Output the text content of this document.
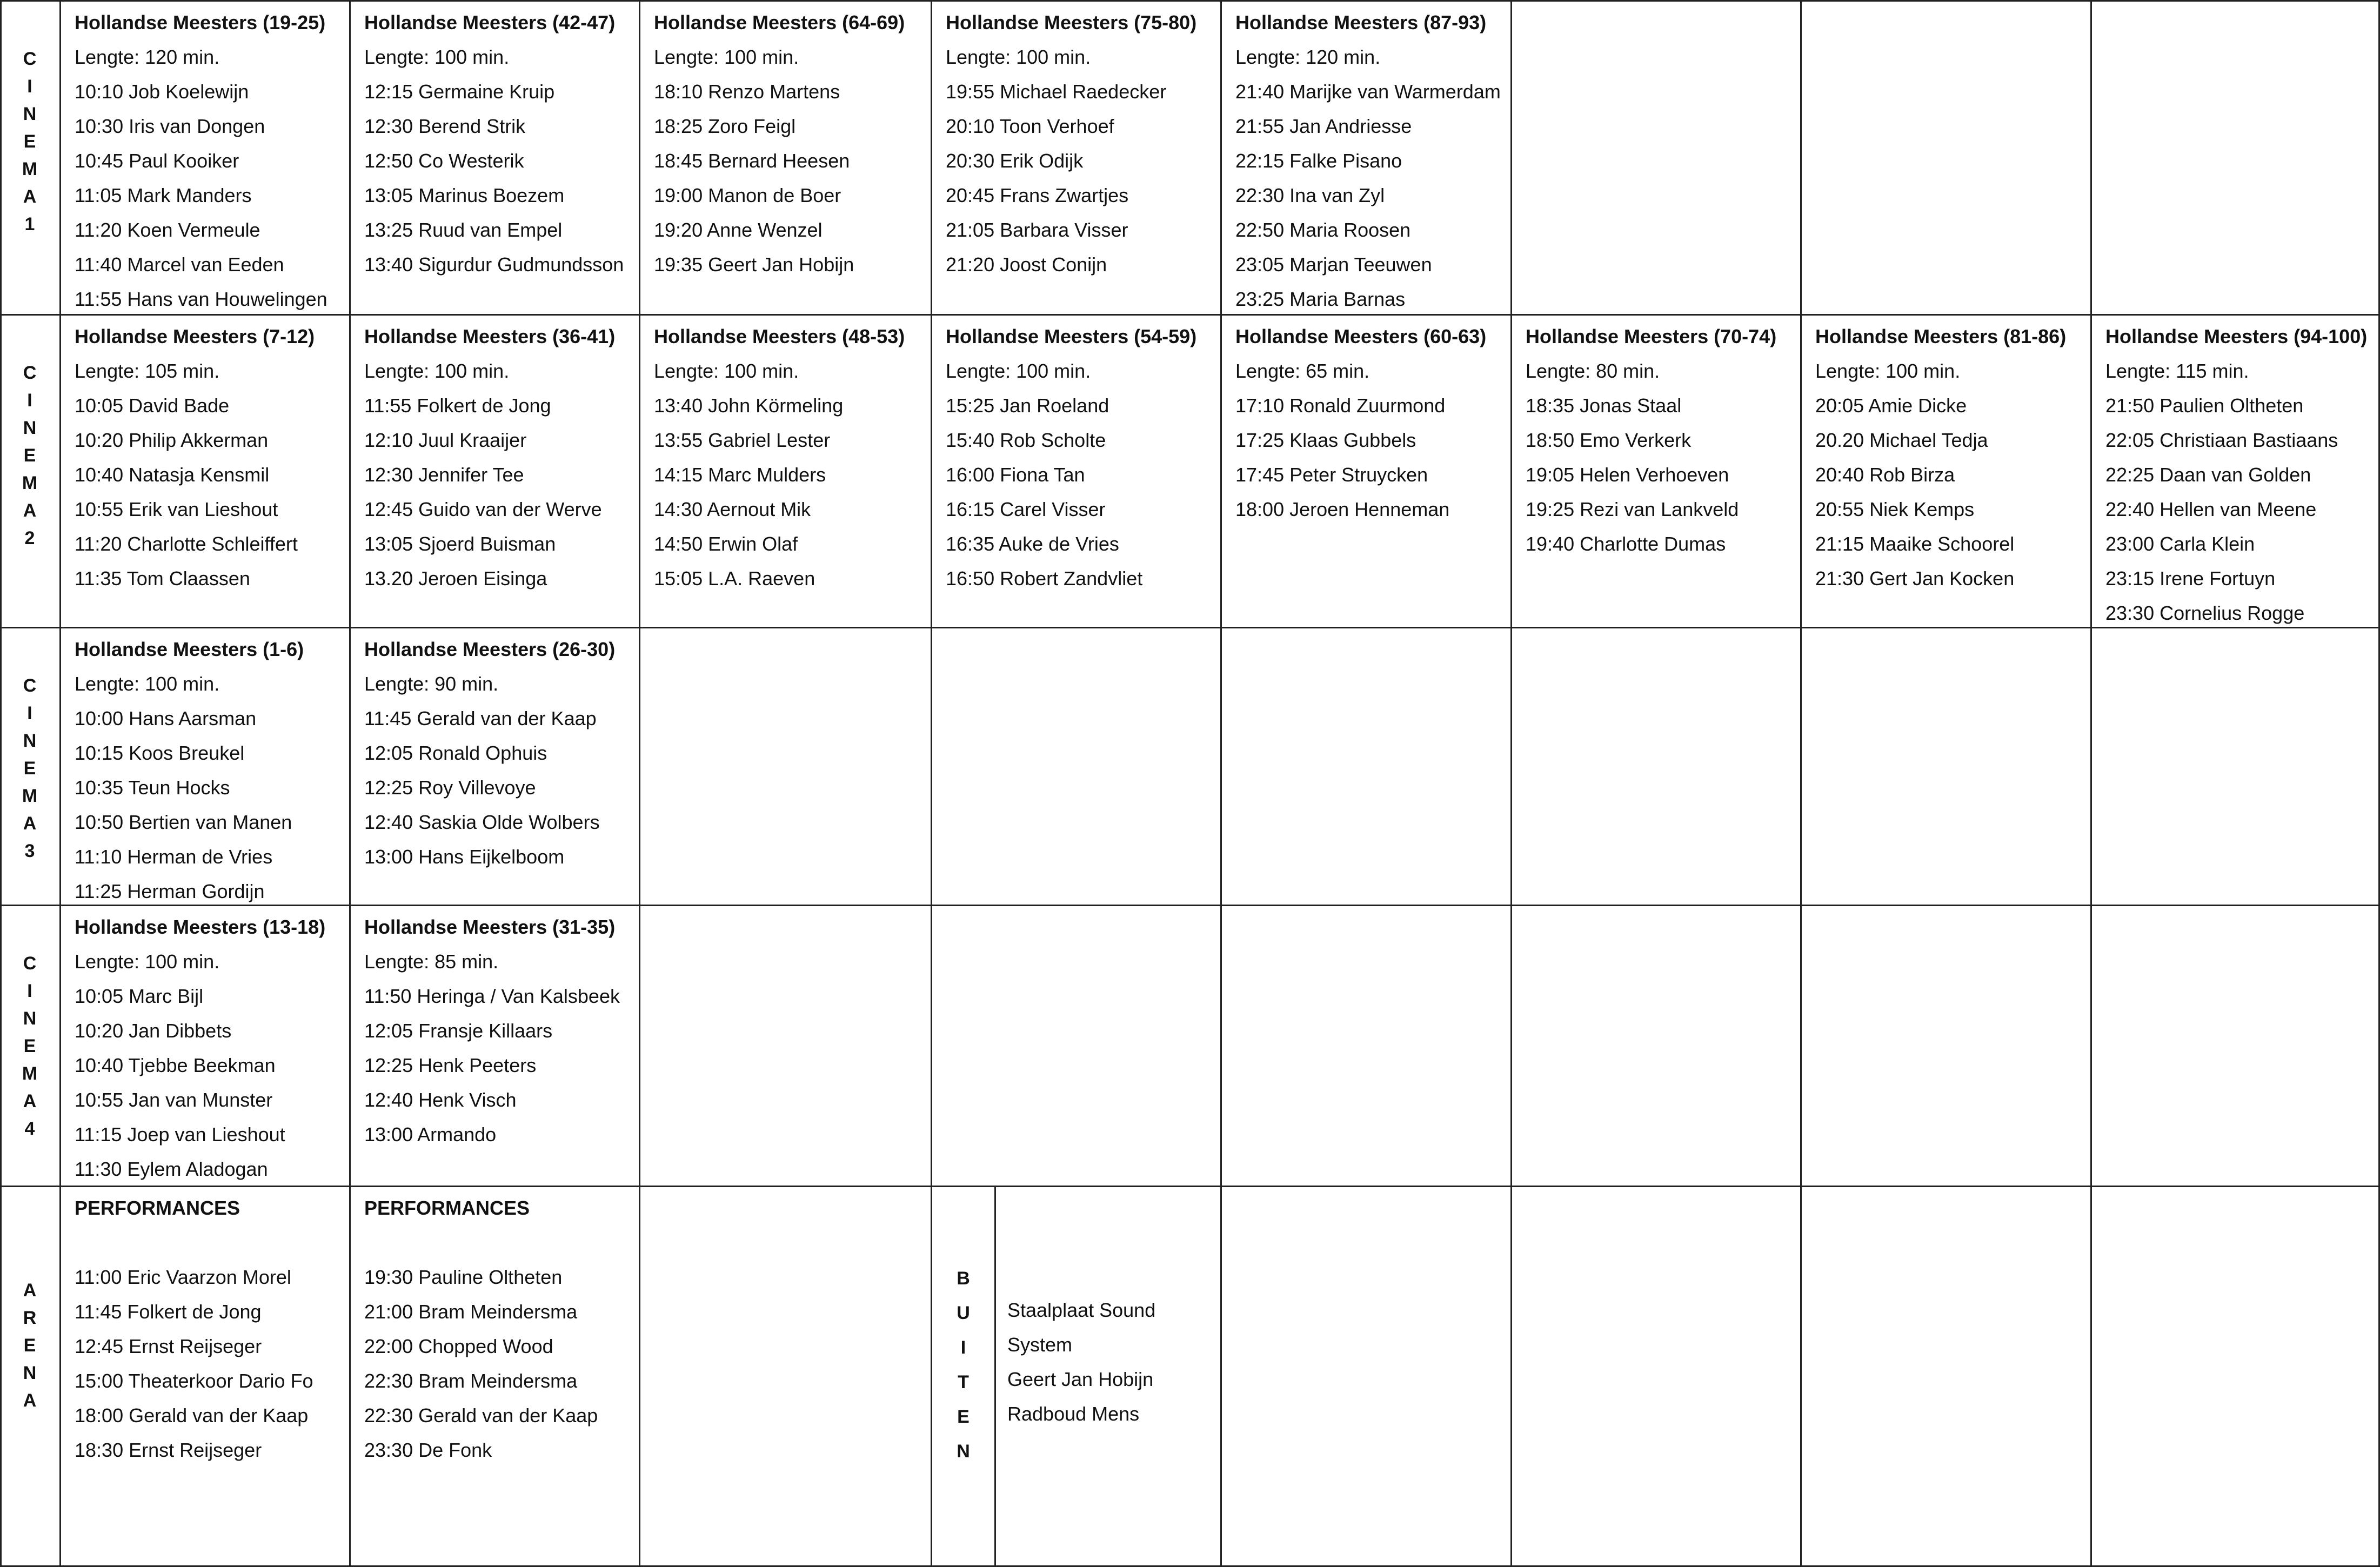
C
I
N
E
M
A
1
Hollandse Meesters (19-25)
Lengte: 120 min.
10:10 Job Koelewijn
10:30 Iris van Dongen
10:45 Paul Kooiker
11:05 Mark Manders
11:20 Koen Vermeule
11:40 Marcel van Eeden
11:55 Hans van Houwelingen
Hollandse Meesters (42-47)
Lengte: 100 min.
12:15 Germaine Kruip
12:30 Berend Strik
12:50 Co Westerik
13:05 Marinus Boezem
13:25 Ruud van Empel
13:40 Sigurdur Gudmundsson
Hollandse Meesters (64-69)
Lengte: 100 min.
18:10 Renzo Martens
18:25 Zoro Feigl
18:45 Bernard Heesen
19:00 Manon de Boer
19:20 Anne Wenzel
19:35 Geert Jan Hobijn
Hollandse Meesters (75-80)
Lengte: 100 min.
19:55 Michael Raedecker
20:10 Toon Verhoef
20:30 Erik Odijk
20:45 Frans Zwartjes
21:05 Barbara Visser
21:20 Joost Conijn
Hollandse Meesters (87-93)
Lengte: 120 min.
21:40 Marijke van Warmerdam
21:55 Jan Andriesse
22:15 Falke Pisano
22:30 Ina van Zyl
22:50 Maria Roosen
23:05 Marjan Teeuwen
23:25 Maria Barnas
C
I
N
E
M
A
2
Hollandse Meesters (7-12)
Lengte: 105 min.
10:05 David Bade
10:20 Philip Akkerman
10:40 Natasja Kensmil
10:55 Erik van Lieshout
11:20 Charlotte Schleiffert
11:35 Tom Claassen
Hollandse Meesters (36-41)
Lengte: 100 min.
11:55 Folkert de Jong
12:10 Juul Kraaijer
12:30 Jennifer Tee
12:45 Guido van der Werve
13:05 Sjoerd Buisman
13.20 Jeroen Eisinga
Hollandse Meesters (48-53)
Lengte: 100 min.
13:40 John Körmeling
13:55 Gabriel Lester
14:15 Marc Mulders
14:30 Aernout Mik
14:50 Erwin Olaf
15:05 L.A. Raeven
Hollandse Meesters (54-59)
Lengte: 100 min.
15:25 Jan Roeland
15:40 Rob Scholte
16:00 Fiona Tan
16:15 Carel Visser
16:35 Auke de Vries
16:50 Robert Zandvliet
Hollandse Meesters (60-63)
Lengte: 65 min.
17:10 Ronald Zuurmond
17:25 Klaas Gubbels
17:45 Peter Struycken
18:00 Jeroen Henneman
Hollandse Meesters (70-74)
Lengte: 80 min.
18:35 Jonas Staal
18:50 Emo Verkerk
19:05 Helen Verhoeven
19:25 Rezi van Lankveld
19:40 Charlotte Dumas
Hollandse Meesters (81-86)
Lengte: 100 min.
20:05 Amie Dicke
20.20 Michael Tedja
20:40 Rob Birza
20:55 Niek Kemps
21:15 Maaike Schoorel
21:30 Gert Jan Kocken
Hollandse Meesters (94-100)
Lengte: 115 min.
21:50 Paulien Oltheten
22:05 Christiaan Bastiaans
22:25 Daan van Golden
22:40 Hellen van Meene
23:00 Carla Klein
23:15 Irene Fortuyn
23:30 Cornelius Rogge
C
I
N
E
M
A
3
Hollandse Meesters (1-6)
Lengte: 100 min.
10:00 Hans Aarsman
10:15 Koos Breukel
10:35 Teun Hocks
10:50 Bertien van Manen
11:10 Herman de Vries
11:25 Herman Gordijn
Hollandse Meesters (26-30)
Lengte: 90 min.
11:45 Gerald van der Kaap
12:05 Ronald Ophuis
12:25 Roy Villevoye
12:40 Saskia Olde Wolbers
13:00 Hans Eijkelboom
C
I
N
E
M
A
4
Hollandse Meesters (13-18)
Lengte: 100 min.
10:05 Marc Bijl
10:20 Jan Dibbets
10:40 Tjebbe Beekman
10:55 Jan van Munster
11:15 Joep van Lieshout
11:30 Eylem Aladogan
Hollandse Meesters (31-35)
Lengte: 85 min.
11:50 Heringa / Van Kalsbeek
12:05 Fransje Killaars
12:25 Henk Peeters
12:40 Henk Visch
13:00 Armando
A
R
E
N
A
PERFORMANCES
11:00 Eric Vaarzon Morel
11:45 Folkert de Jong
12:45 Ernst Reijseger
15:00 Theaterkoor Dario Fo
18:00 Gerald van der Kaap
18:30 Ernst Reijseger
PERFORMANCES
19:30 Pauline Oltheten
21:00 Bram Meindersma
22:00 Chopped Wood
22:30 Bram Meindersma
22:30 Gerald van der Kaap
23:30 De Fonk
B
U
I
T
E
N
Staalplaat Sound
System
Geert Jan Hobijn
Radboud Mens
